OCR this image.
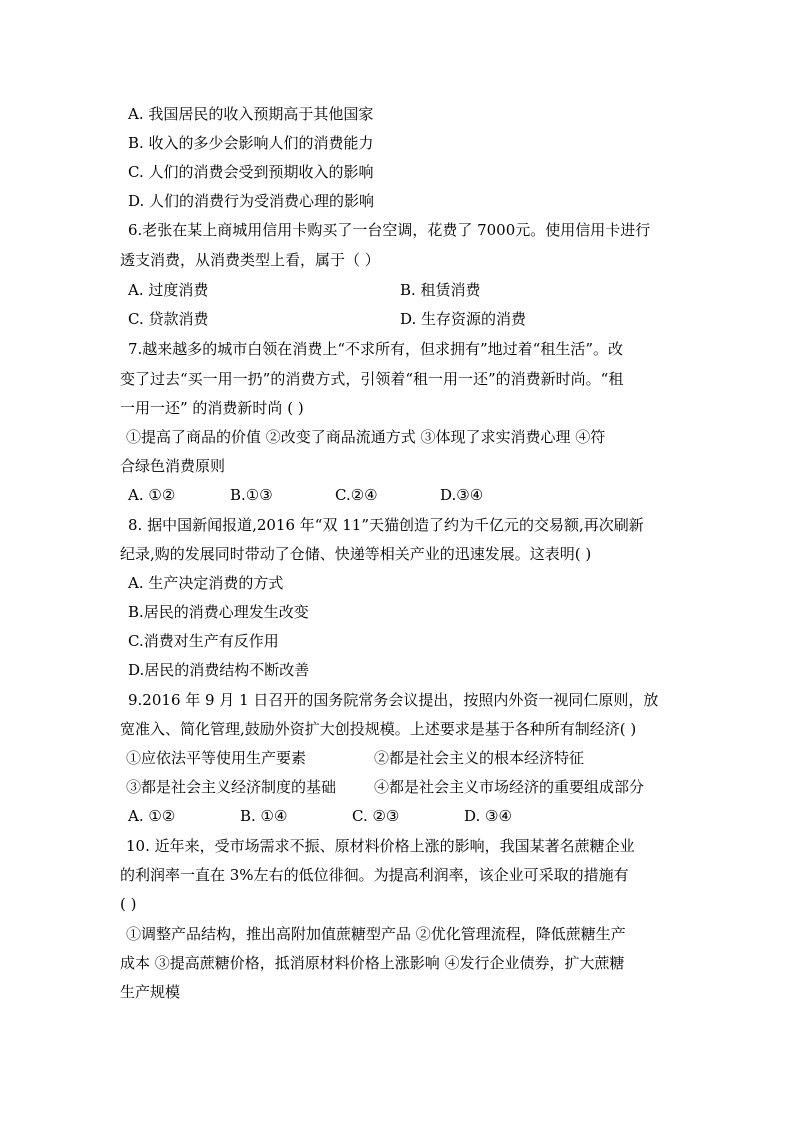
A. 我国居民的收入预期高于其他国家
B. 收入的多少会影响人们的消费能力
C. 人们的消费会受到预期收入的影响
D. 人们的消费行为受消费心理的影响
6.老张在某上商城用信用卡购买了一台空调，花费了 7000元。使用信用卡进行
透支消费，从消费类型上看，属于（ ）
A. 过度消费	B. 租赁消费
C. 贷款消费	D. 生存资源的消费
7.越来越多的城市白领在消费上“不求所有，但求拥有”地过着“租生活”。改
变了过去“买一用一扔”的消费方式，引领着“租一用一还”的消费新时尚。“租
一用一还” 的消费新时尚 ( )
①提高了商品的价值 ②改变了商品流通方式 ③体现了求实消费心理 ④符
合绿色消费原则
A. ①②	B.①③	C.②④	D.③④
8. 据中国新闻报道,2016 年“双 11”天猫创造了约为千亿元的交易额,再次刷新
纪录,购的发展同时带动了仓储、快递等相关产业的迅速发展。这表明( )
A. 生产决定消费的方式
B.居民的消费心理发生改变
C.消费对生产有反作用
D.居民的消费结构不断改善
9.2016 年 9 月 1 日召开的国务院常务会议提出，按照内外资一视同仁原则，放
宽准入、简化管理,鼓励外资扩大创投规模。上述要求是基于各种所有制经济( )
①应依法平等使用生产要素	②都是社会主义的根本经济特征
③都是社会主义经济制度的基础	④都是社会主义市场经济的重要组成部分
A. ①②	B. ①④	C. ②③	D. ③④
10. 近年来，受市场需求不振、原材料价格上涨的影响，我国某著名蔗糖企业
的利润率一直在 3%左右的低位徘徊。为提高利润率，该企业可采取的措施有
( )
①调整产品结构，推出高附加值蔗糖型产品 ②优化管理流程，降低蔗糖生产
成本 ③提高蔗糖价格，抵消原材料价格上涨影响 ④发行企业债券，扩大蔗糖
生产规模
